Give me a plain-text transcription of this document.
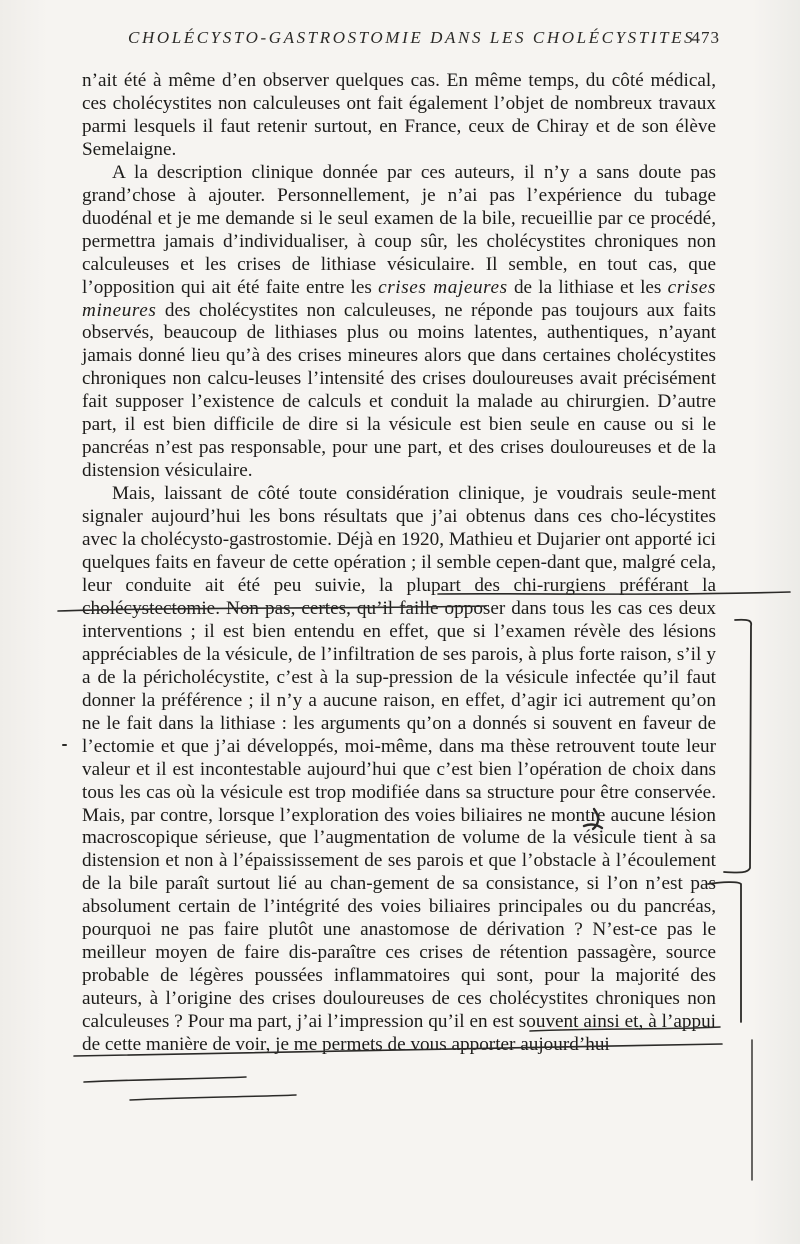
CHOLÉCYSTO-GASTROSTOMIE DANS LES CHOLÉCYSTITES
473

n’ait été à même d’en observer quelques cas. En même temps, du côté médical, ces cholécystites non calculeuses ont fait également l’objet de nombreux travaux parmi lesquels il faut retenir surtout, en France, ceux de Chiray et de son élève Semelaigne.

A la description clinique donnée par ces auteurs, il n’y a sans doute pas grand’chose à ajouter. Personnellement, je n’ai pas l’expérience du tubage duodénal et je me demande si le seul examen de la bile, recueillie par ce procédé, permettra jamais d’individualiser, à coup sûr, les cholécystites chroniques non calculeuses et les crises de lithiase vésiculaire. Il semble, en tout cas, que l’opposition qui ait été faite entre les crises majeures de la lithiase et les crises mineures des cholécystites non calculeuses, ne réponde pas toujours aux faits observés, beaucoup de lithiases plus ou moins latentes, authentiques, n’ayant jamais donné lieu qu’à des crises mineures alors que dans certaines cholécystites chroniques non calcu-leuses l’intensité des crises douloureuses avait précisément fait supposer l’existence de calculs et conduit la malade au chirurgien. D’autre part, il est bien difficile de dire si la vésicule est bien seule en cause ou si le pancréas n’est pas responsable, pour une part, et des crises douloureuses et de la distension vésiculaire.

Mais, laissant de côté toute considération clinique, je voudrais seule-ment signaler aujourd’hui les bons résultats que j’ai obtenus dans ces cho-lécystites avec la cholécysto-gastrostomie. Déjà en 1920, Mathieu et Dujarier ont apporté ici quelques faits en faveur de cette opération ; il semble cepen-dant que, malgré cela, leur conduite ait été peu suivie, la plupart des chi-rurgiens préférant la cholécystectomie. Non pas, certes, qu’il faille opposer dans tous les cas ces deux interventions ; il est bien entendu en effet, que si l’examen révèle des lésions appréciables de la vésicule, de l’infiltration de ses parois, à plus forte raison, s’il y a de la péricholécystite, c’est à la sup-pression de la vésicule infectée qu’il faut donner la préférence ; il n’y a aucune raison, en effet, d’agir ici autrement qu’on ne le fait dans la lithiase : les arguments qu’on a donnés si souvent en faveur de l’ectomie et que j’ai développés, moi-même, dans ma thèse retrouvent toute leur valeur et il est incontestable aujourd’hui que c’est bien l’opération de choix dans tous les cas où la vésicule est trop modifiée dans sa structure pour être conservée. Mais, par contre, lorsque l’exploration des voies biliaires ne montre aucune lésion macroscopique sérieuse, que l’augmentation de volume de la vésicule tient à sa distension et non à l’épaississement de ses parois et que l’obstacle à l’écoulement de la bile paraît surtout lié au chan-gement de sa consistance, si l’on n’est pas absolument certain de l’intégrité des voies biliaires principales ou du pancréas, pourquoi ne pas faire plutôt une anastomose de dérivation ? N’est-ce pas le meilleur moyen de faire dis-paraître ces crises de rétention passagère, source probable de légères poussées inflammatoires qui sont, pour la majorité des auteurs, à l’origine des crises douloureuses de ces cholécystites chroniques non calculeuses ? Pour ma part, j’ai l’impression qu’il en est souvent ainsi et, à l’appui de cette manière de voir, je me permets de vous apporter aujourd’hui
